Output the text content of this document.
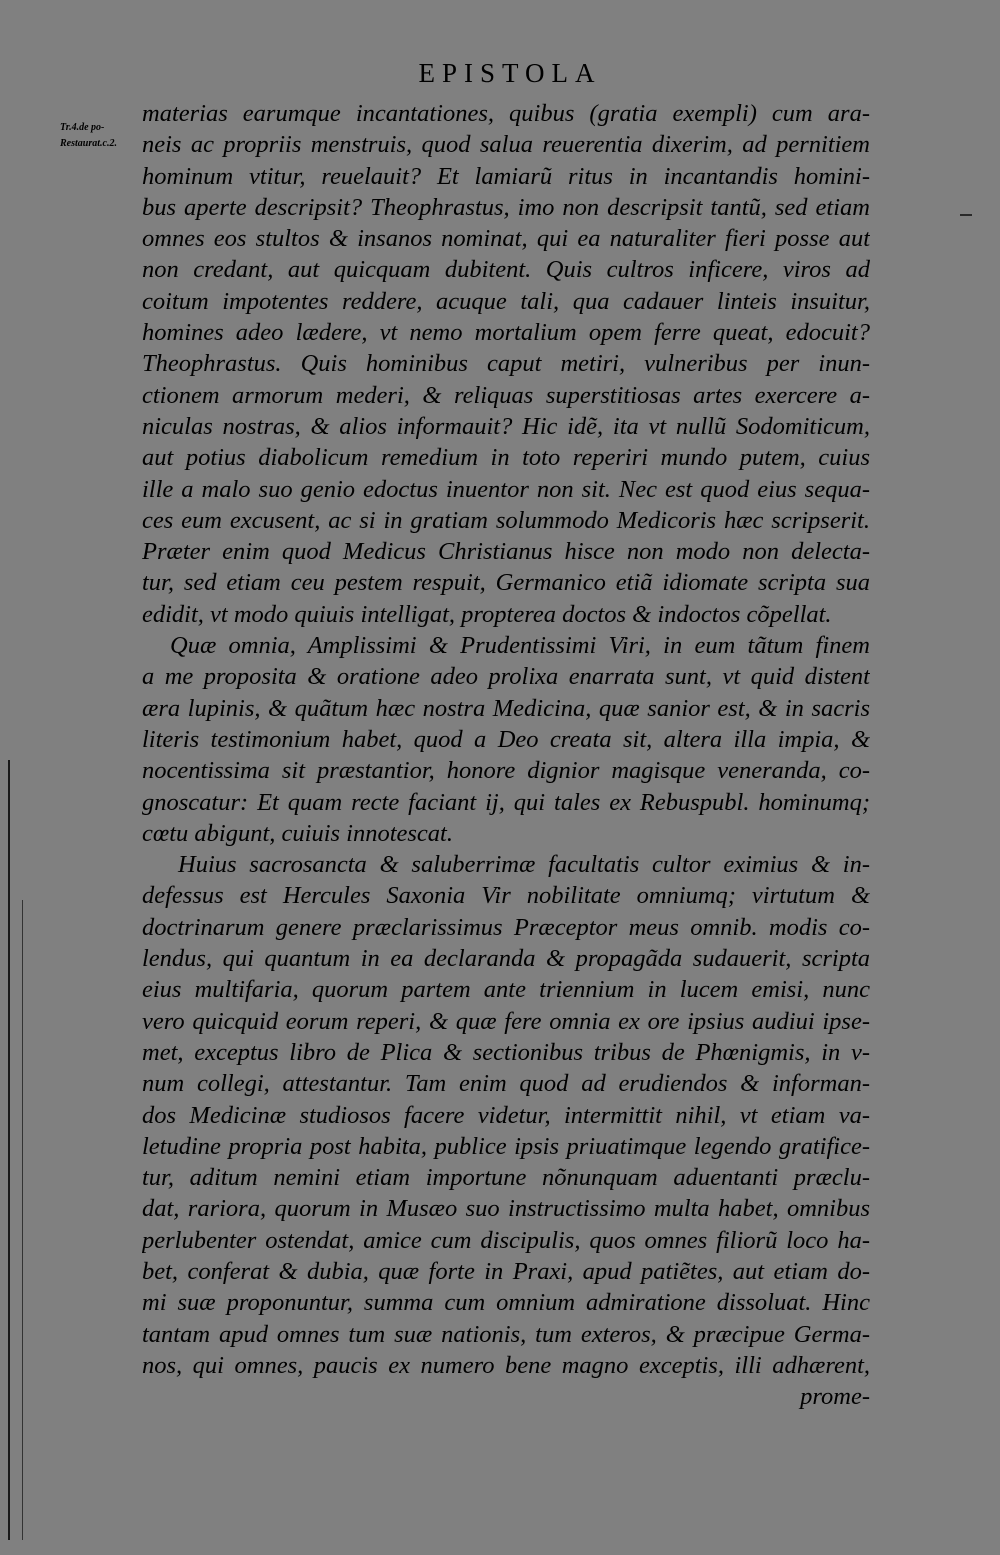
EPISTOLA
Tr.4.de po-
Restaurat.c.2.
materias earumque incantationes, quibus (gratia exempli) cum ara-
neis ac propriis menstruis, quod salua reuerentia dixerim, ad pernitiem
hominum vtitur, reuelauit? Et lamiarũ ritus in incantandis homini-
bus aperte descripsit? Theophrastus, imo non descripsit tantũ, sed etiam
omnes eos stultos & insanos nominat, qui ea naturaliter fieri posse aut
non credant, aut quicquam dubitent. Quis cultros inficere, viros ad
coitum impotentes reddere, acuque tali, qua cadauer linteis insuitur,
homines adeo lædere, vt nemo mortalium opem ferre queat, edocuit?
Theophrastus. Quis hominibus caput metiri, vulneribus per inun-
ctionem armorum mederi, & reliquas superstitiosas artes exercere a-
niculas nostras, & alios informauit? Hic idẽ, ita vt nullũ Sodomiticum,
aut potius diabolicum remedium in toto reperiri mundo putem, cuius
ille a malo suo genio edoctus inuentor non sit. Nec est quod eius sequa-
ces eum excusent, ac si in gratiam solummodo Medicoris hæc scripserit.
Præter enim quod Medicus Christianus hisce non modo non delecta-
tur, sed etiam ceu pestem respuit, Germanico etiã idiomate scripta sua
edidit, vt modo quiuis intelligat, propterea doctos & indoctos cõpellat.
Quæ omnia, Amplissimi & Prudentissimi Viri, in eum tãtum finem
a me proposita & oratione adeo prolixa enarrata sunt, vt quid distent
æra lupinis, & quãtum hæc nostra Medicina, quæ sanior est, & in sacris
literis testimonium habet, quod a Deo creata sit, altera illa impia, &
nocentissima sit præstantior, honore dignior magisque veneranda, co-
gnoscatur: Et quam recte faciant ij, qui tales ex Rebuspubl. hominumq;
cœtu abigunt, cuiuis innotescat.
Huius sacrosancta & saluberrimæ facultatis cultor eximius & in-
defessus est Hercules Saxonia Vir nobilitate omniumq; virtutum &
doctrinarum genere præclarissimus Præceptor meus omnib. modis co-
lendus, qui quantum in ea declaranda & propagãda sudauerit, scripta
eius multifaria, quorum partem ante triennium in lucem emisi, nunc
vero quicquid eorum reperi, & quæ fere omnia ex ore ipsius audiui ipse-
met, exceptus libro de Plica & sectionibus tribus de Phœnigmis, in v-
num collegi, attestantur. Tam enim quod ad erudiendos & informan-
dos Medicinæ studiosos facere videtur, intermittit nihil, vt etiam va-
letudine propria post habita, publice ipsis priuatimque legendo gratifice-
tur, aditum nemini etiam importune nõnunquam aduentanti præclu-
dat, rariora, quorum in Musæo suo instructissimo multa habet, omnibus
perlubenter ostendat, amice cum discipulis, quos omnes filiorũ loco ha-
bet, conferat & dubia, quæ forte in Praxi, apud patiẽtes, aut etiam do-
mi suæ proponuntur, summa cum omnium admiratione dissoluat. Hinc
tantam apud omnes tum suæ nationis, tum exteros, & præcipue Germa-
nos, qui omnes, paucis ex numero bene magno exceptis, illi adhærent,
prome-
